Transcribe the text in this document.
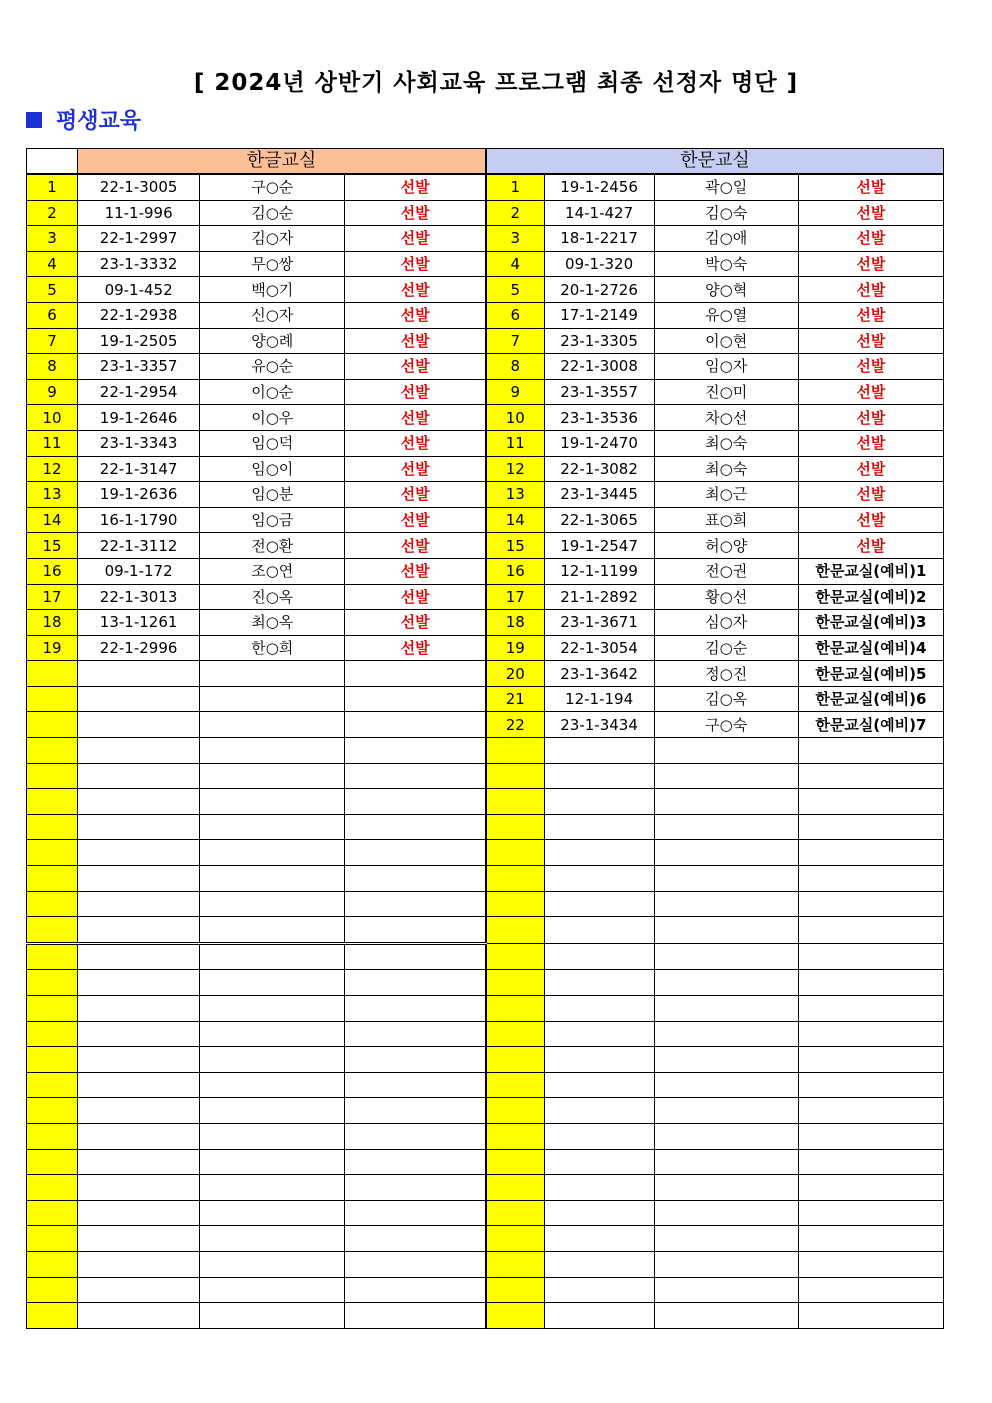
[ 2024년 상반기 사회교육 프로그램 최종 선정자 명단 ]
평생교육
	한글교실			한문교실			
1	22-1-3005	구○순	선발	1	19-1-2456	곽○일	선발
2	11-1-996	김○순	선발	2	14-1-427	김○숙	선발
3	22-1-2997	김○자	선발	3	18-1-2217	김○애	선발
4	23-1-3332	무○쌍	선발	4	09-1-320	박○숙	선발
5	09-1-452	백○기	선발	5	20-1-2726	양○혁	선발
6	22-1-2938	신○자	선발	6	17-1-2149	유○열	선발
7	19-1-2505	양○례	선발	7	23-1-3305	이○현	선발
8	23-1-3357	유○순	선발	8	22-1-3008	임○자	선발
9	22-1-2954	이○순	선발	9	23-1-3557	진○미	선발
10	19-1-2646	이○우	선발	10	23-1-3536	차○선	선발
11	23-1-3343	임○덕	선발	11	19-1-2470	최○숙	선발
12	22-1-3147	임○이	선발	12	22-1-3082	최○숙	선발
13	19-1-2636	임○분	선발	13	23-1-3445	최○근	선발
14	16-1-1790	임○금	선발	14	22-1-3065	표○희	선발
15	22-1-3112	전○환	선발	15	19-1-2547	허○양	선발
16	09-1-172	조○연	선발	16	12-1-1199	전○권	한문교실(예비)1
17	22-1-3013	진○옥	선발	17	21-1-2892	황○선	한문교실(예비)2
18	13-1-1261	최○옥	선발	18	23-1-3671	심○자	한문교실(예비)3
19	22-1-2996	한○희	선발	19	22-1-3054	김○순	한문교실(예비)4
				20	23-1-3642	정○진	한문교실(예비)5
				21	12-1-194	김○옥	한문교실(예비)6
				22	23-1-3434	구○숙	한문교실(예비)7
